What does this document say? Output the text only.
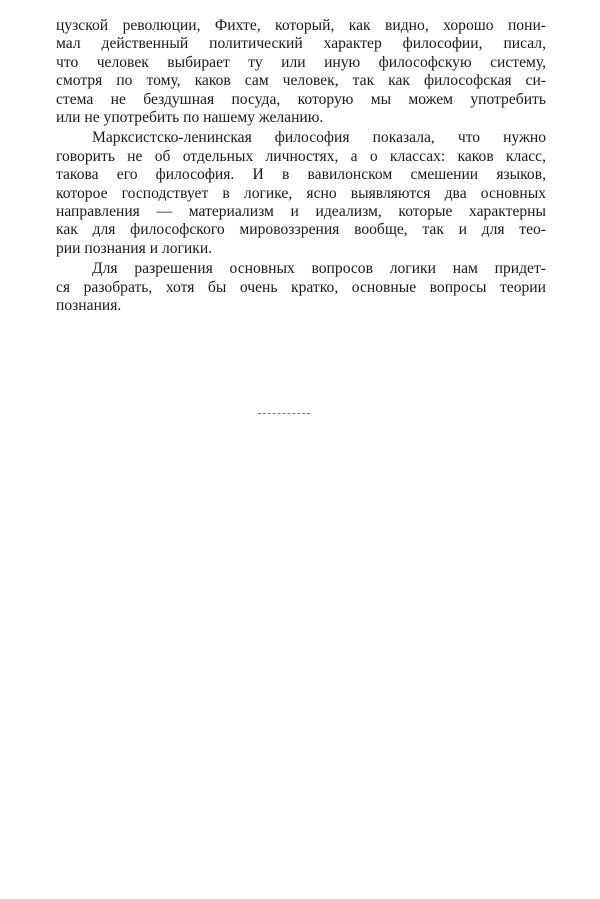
цузской революции, Фихте, который, как видно, хорошо пони-
мал действенный политический характер философии, писал,
что человек выбирает ту или иную философскую систему,
смотря по тому, каков сам человек, так как философская си-
стема не бездушная посуда, которую мы можем употребить
или не употребить по нашему желанию.
Марксистско-ленинская философия показала, что нужно
говорить не об отдельных личностях, а о классах: каков класс,
такова его философия. И в вавилонском смешении языков,
которое господствует в логике, ясно выявляются два основных
направления — материализм и идеализм, которые характерны
как для философского мировоззрения вообще, так и для тео-
рии познания и логики.
Для разрешения основных вопросов логики нам придет-
ся разобрать, хотя бы очень кратко, основные вопросы теории
познания.
